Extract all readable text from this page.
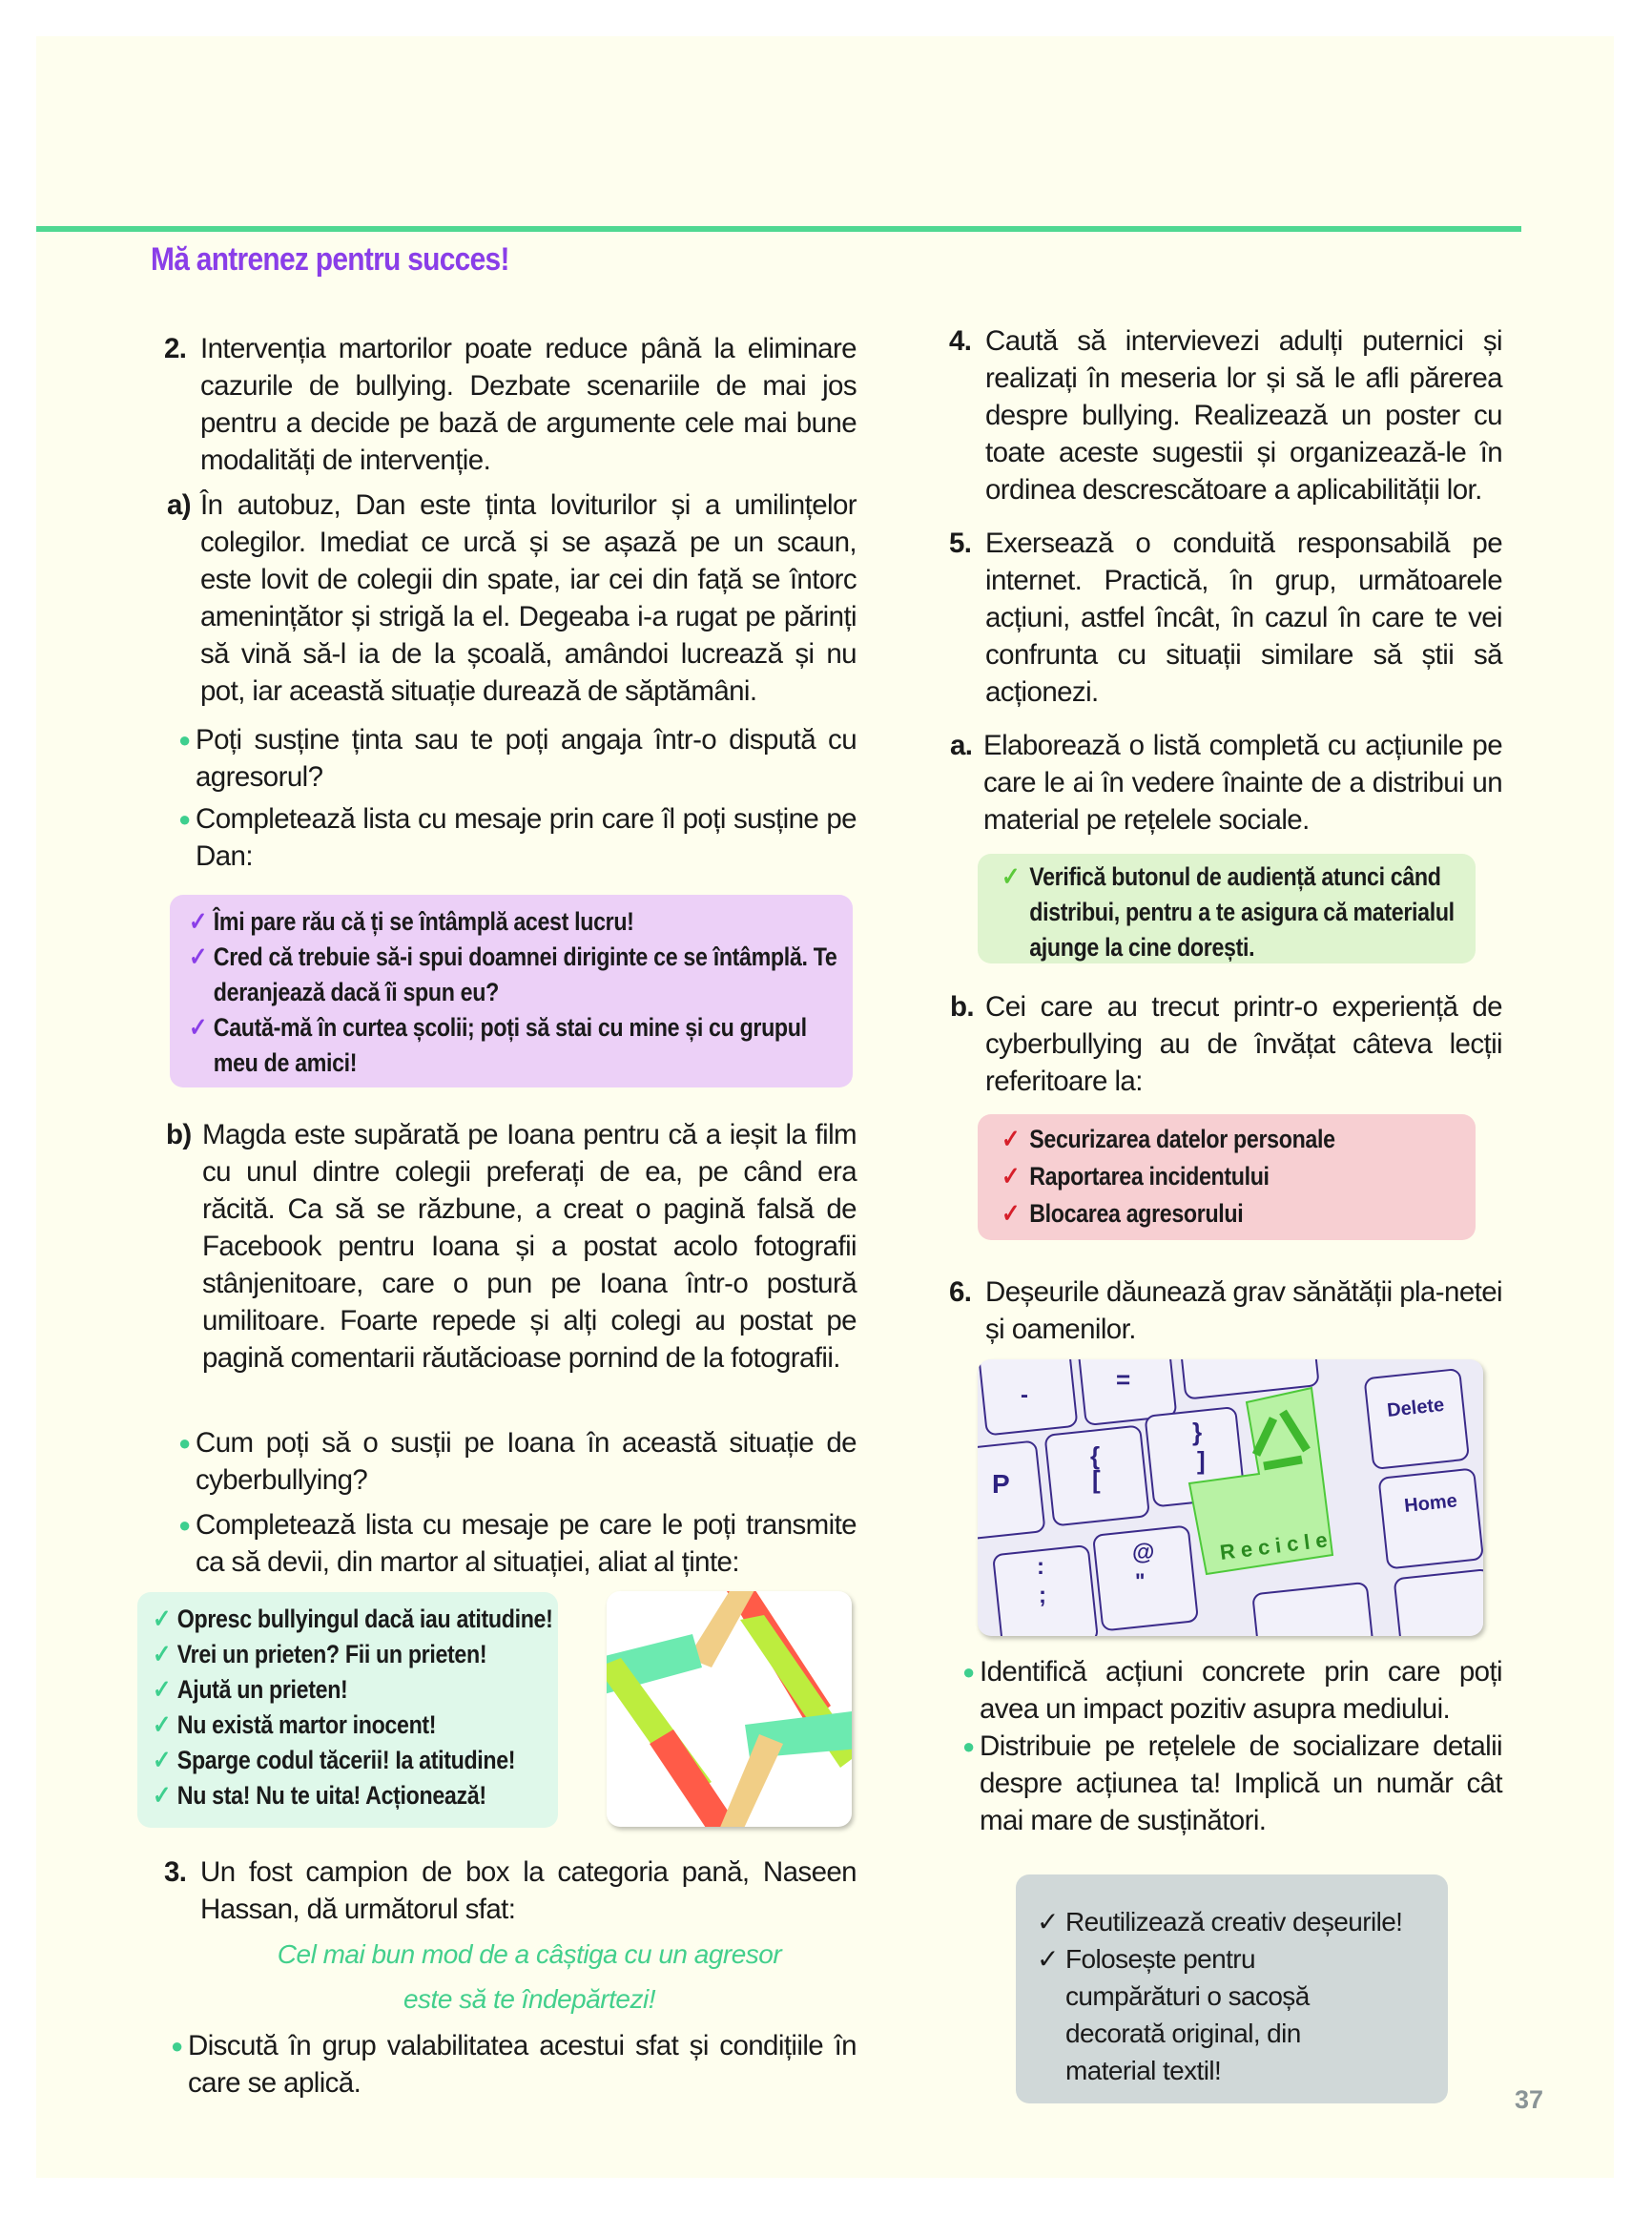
Mă antrenez pentru succes!
2. Intervenția martorilor poate reduce până la eliminare cazurile de bullying. Dezbate scenariile de mai jos pentru a decide pe bază de argumente cele mai bune modalități de intervenție.
a) În autobuz, Dan este ținta loviturilor și a umilințelor colegilor. Imediat ce urcă și se așază pe un scaun, este lovit de colegii din spate, iar cei din față se întorc amenințător și strigă la el. Degeaba i-a rugat pe părinți să vină să-l ia de la școală, amândoi lucrează și nu pot, iar această situație durează de săptămâni.
● Poți susține ținta sau te poți angaja într-o dispută cu agresorul?
● Completează lista cu mesaje prin care îl poți susține pe Dan:
✓ Îmi pare rău că ți se întâmplă acest lucru!
✓ Cred că trebuie să-i spui doamnei diriginte ce se întâmplă. Te deranjează dacă îi spun eu?
✓ Caută-mă în curtea școlii; poți să stai cu mine și cu grupul meu de amici!
b) Magda este supărată pe Ioana pentru că a ieșit la film cu unul dintre colegii preferați de ea, pe când era răcită. Ca să se răzbune, a creat o pagină falsă de Facebook pentru Ioana și a postat acolo fotografii stânjenitoare, care o pun pe Ioana într-o postură umilitoare. Foarte repede și alți colegi au postat pe pagină comentarii răutăcioase pornind de la fotografii.
● Cum poți să o susții pe Ioana în această situație de cyberbullying?
● Completează lista cu mesaje pe care le poți transmite ca să devii, din martor al situației, aliat al ținte:
✓ Opresc bullyingul dacă iau atitudine!
✓ Vrei un prieten? Fii un prieten!
✓ Ajută un prieten!
✓ Nu există martor inocent!
✓ Sparge codul tăcerii! Ia atitudine!
✓ Nu sta! Nu te uita! Acționează!
3. Un fost campion de box la categoria pană, Naseen Hassan, dă următorul sfat:
Cel mai bun mod de a câștiga cu un agresor
este să te îndepărtezi!
● Discută în grup valabilitatea acestui sfat și condițiile în care se aplică.
4. Caută să intervievezi adulți puternici și realizați în meseria lor și să le afli părerea despre bullying. Realizează un poster cu toate aceste sugestii și organizează-le în ordinea descrescătoare a aplicabilității lor.
5. Exersează o conduită responsabilă pe internet. Practică, în grup, următoarele acțiuni, astfel încât, în cazul în care te vei confrunta cu situații similare să știi să acționezi.
a. Elaborează o listă completă cu acțiunile pe care le ai în vedere înainte de a distribui un material pe rețelele sociale.
✓ Verifică butonul de audiență atunci când distribui, pentru a te asigura că materialul ajunge la cine dorești.
b. Cei care au trecut printr-o experiență de cyberbullying au de învățat câteva lecții referitoare la:
✓ Securizarea datelor personale
✓ Raportarea incidentului
✓ Blocarea agresorului
6. Deșeurile dăunează grav sănătății pla-netei și oamenilor.
-
=
P
{
[
}
]
:
;
@
"
Delete
Home
Recicle
● Identifică acțiuni concrete prin care poți avea un impact pozitiv asupra mediului.
● Distribuie pe rețelele de socializare detalii despre acțiunea ta! Implică un număr cât mai mare de susținători.
✓ Reutilizează creativ deșeurile!
✓ Folosește pentru cumpărături o sacoșă decorată original, din material textil!
37
